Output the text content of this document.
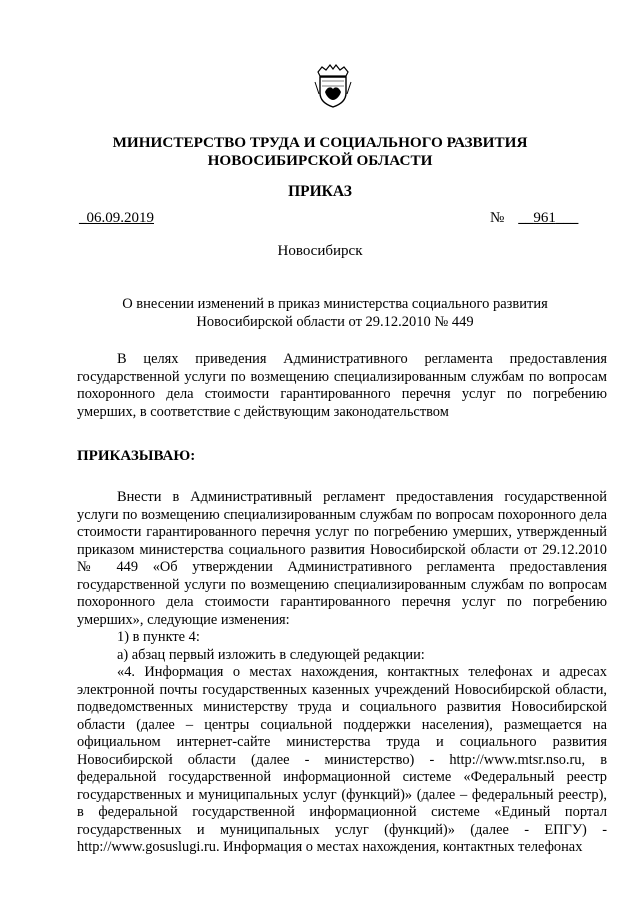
МИНИСТЕРСТВО ТРУДА И СОЦИАЛЬНОГО РАЗВИТИЯ
НОВОСИБИРСКОЙ ОБЛАСТИ
ПРИКАЗ
_06.09.2019	№ __961___
Новосибирск
О внесении изменений в приказ министерства социального развития
Новосибирской области от 29.12.2010 № 449

В целях приведения Административного регламента предоставления государственной услуги по возмещению специализированным службам по вопросам похоронного дела стоимости гарантированного перечня услуг по погребению умерших, в соответствие с действующим законодательством

ПРИКАЗЫВАЮ:

Внести в Административный регламент предоставления государственной услуги по возмещению специализированным службам по вопросам похоронного дела стоимости гарантированного перечня услуг по погребению умерших, утвержденный приказом министерства социального развития Новосибирской области от 29.12.2010 № 449 «Об утверждении Административного регламента предоставления государственной услуги по возмещению специализированным службам по вопросам похоронного дела стоимости гарантированного перечня услуг по погребению умерших», следующие изменения:

1) в пункте 4:

а) абзац первый изложить в следующей редакции:

«4. Информация о местах нахождения, контактных телефонах и адресах электронной почты государственных казенных учреждений Новосибирской области, подведомственных министерству труда и социального развития Новосибирской области (далее – центры социальной поддержки населения), размещается на официальном интернет-сайте министерства труда и социального развития Новосибирской области (далее - министерство) - http://www.mtsr.nso.ru, в федеральной государственной информационной системе «Федеральный реестр государственных и муниципальных услуг (функций)» (далее – федеральный реестр), в федеральной государственной информационной системе «Единый портал государственных и муниципальных услуг (функций)» (далее - ЕПГУ) - http://www.gosuslugi.ru. Информация о местах нахождения, контактных телефонах
